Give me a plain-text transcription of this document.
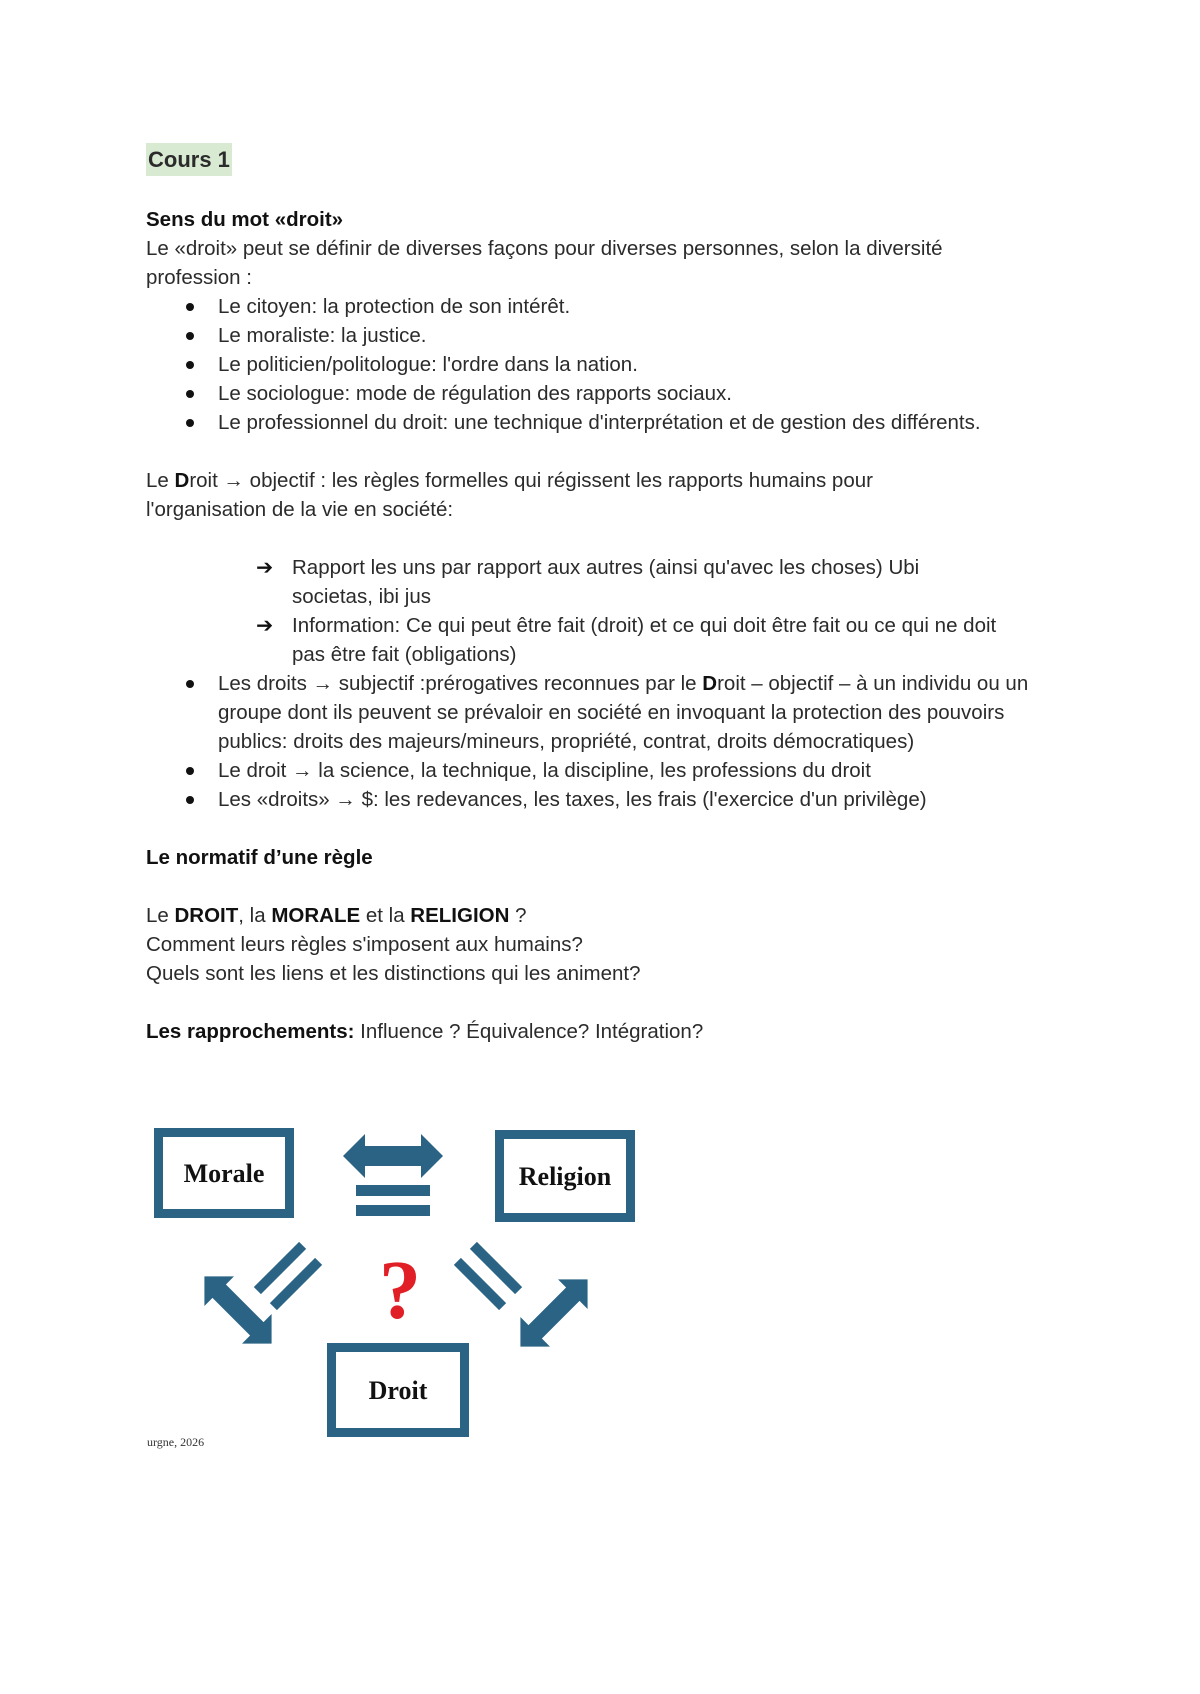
Cours 1

Sens du mot «droit»

Le «droit» peut se définir de diverses façons pour diverses personnes, selon la diversité

profession :

Le citoyen: la protection de son intérêt.
Le moraliste: la justice.
Le politicien/politologue: l'ordre dans la nation.
Le sociologue: mode de régulation des rapports sociaux.
Le professionnel du droit: une technique d'interprétation et de gestion des différents.

Le Droit → objectif : les règles formelles qui régissent les rapports humains pour

l'organisation de la vie en société:

➔ Rapport les uns par rapport aux autres (ainsi qu'avec les choses) Ubi
societas, ibi jus
➔ Information: Ce qui peut être fait (droit) et ce qui doit être fait ou ce qui ne doit
pas être fait (obligations)
Les droits → subjectif :prérogatives reconnues par le Droit – objectif – à un individu ou un groupe dont ils peuvent se prévaloir en société en invoquant la protection des pouvoirs publics: droits des majeurs/mineurs, propriété, contrat, droits démocratiques)
Le droit → la science, la technique, la discipline, les professions du droit
Les «droits» → $: les redevances, les taxes, les frais (l'exercice d'un privilège)

Le normatif d’une règle

Le DROIT, la MORALE et la RELIGION ?

Comment leurs règles s'imposent aux humains?

Quels sont les liens et les distinctions qui les animent?

Les rapprochements: Influence ? Équivalence? Intégration?

Morale	Religion
Droit
?
urgne, 2026
